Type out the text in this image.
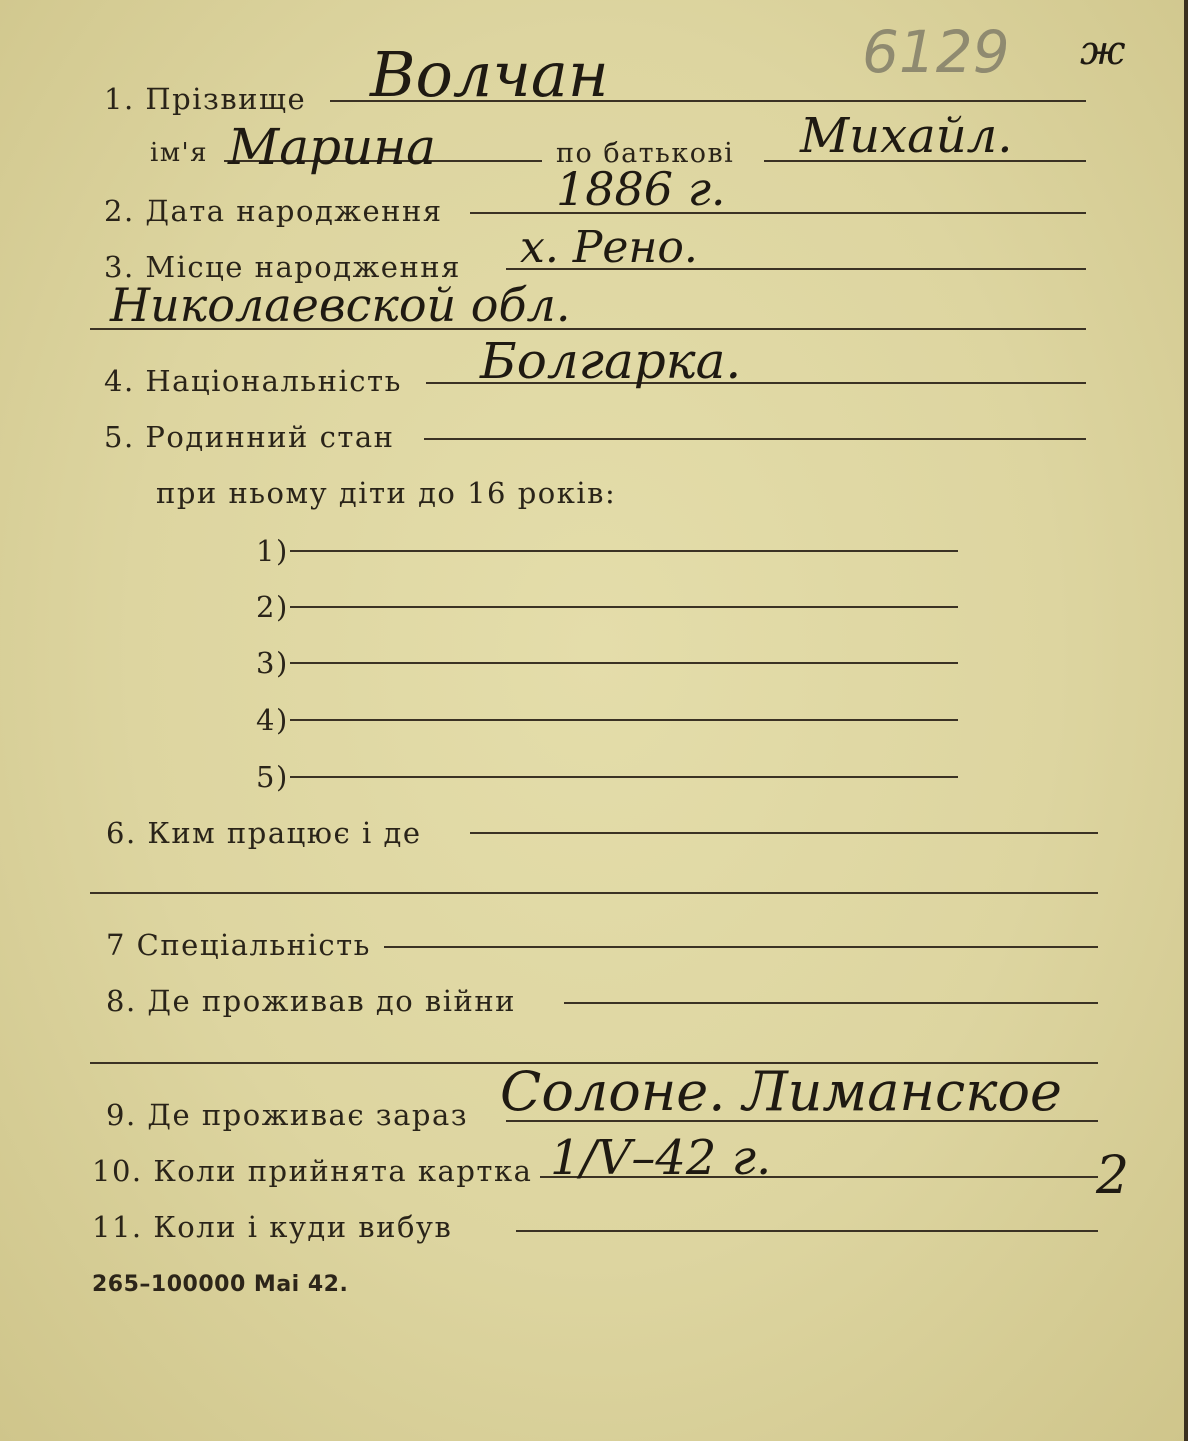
6129 ж
1. Прізвище Волчан
ім'я Марина	по батькові Михайл.
2. Дата народження 1886 г.
3. Місце народження х. Рено.
Николаевской обл.
4. Національність Болгарка.
5. Родинний стан
при ньому діти до 16 років:
1)
2)
3)
4)
5)
6. Ким працює і де
7 Спеціальність
8. Де проживав до війни
9. Де проживає зараз Солоне. Лиманское
10. Коли прийнята картка 1/V–42 г.	2
11. Коли і куди вибув
265–100000 Маі 42.
